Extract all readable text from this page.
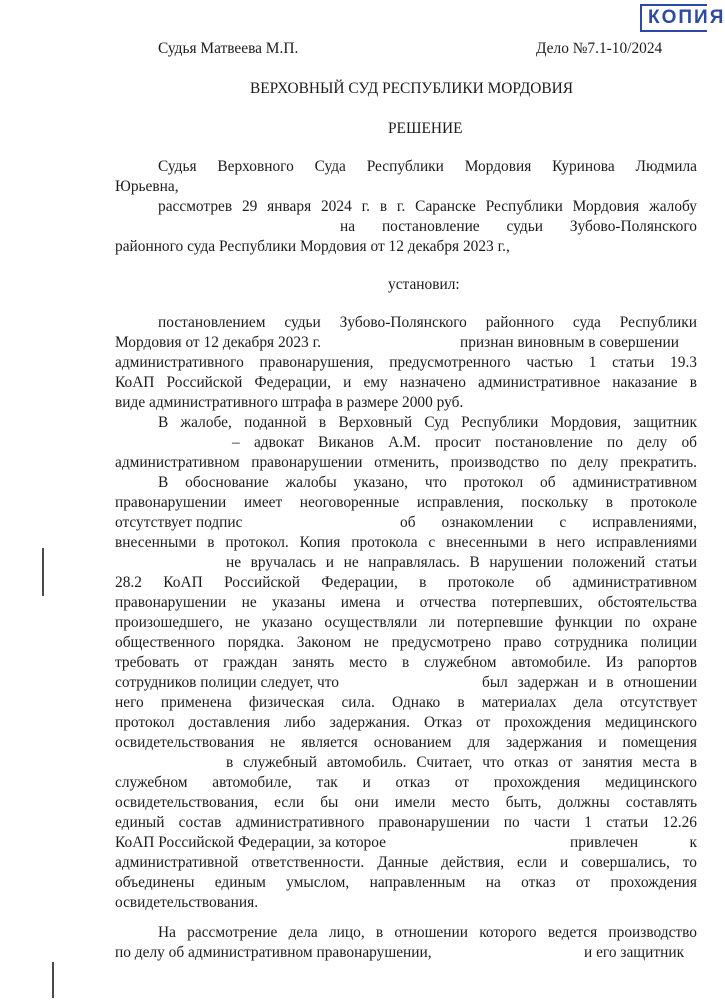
КОПИЯ
Судья Матвеева М.П.	Дело №7.1-10/2024
ВЕРХОВНЫЙ СУД РЕСПУБЛИКИ МОРДОВИЯ
РЕШЕНИЕ
Судья Верховного Суда Республики Мордовия Куринова Людмила
Юрьевна,
рассмотрев 29 января 2024 г. в г. Саранске Республики Мордовия жалобу
на постановление судьи Зубово-Полянского
районного суда Республики Мордовия от 12 декабря 2023 г.,
установил:
постановлением судьи Зубово-Полянского районного суда Республики
Мордовия от 12 декабря 2023 г.	признан виновным в совершении
административного правонарушения, предусмотренного частью 1 статьи 19.3
КоАП Российской Федерации, и ему назначено административное наказание в
виде административного штрафа в размере 2000 руб.
В жалобе, поданной в Верховный Суд Республики Мордовия, защитник
– адвокат Виканов А.М. просит постановление по делу об
административном правонарушении отменить, производство по делу прекратить.
В обоснование жалобы указано, что протокол об административном
правонарушении имеет неоговоренные исправления, поскольку в протоколе
отсутствует подпис	об ознакомлении с исправлениями,
внесенными в протокол. Копия протокола с внесенными в него исправлениями
не вручалась и не направлялась. В нарушении положений статьи
28.2 КоАП Российской Федерации, в протоколе об административном
правонарушении не указаны имена и отчества потерпевших, обстоятельства
произошедшего, не указано осуществляли ли потерпевшие функции по охране
общественного порядка. Законом не предусмотрено право сотрудника полиции
требовать от граждан занять место в служебном автомобиле. Из рапортов
сотрудников полиции следует, что	был задержан и в отношении
него применена физическая сила. Однако в материалах дела отсутствует
протокол доставления либо задержания. Отказ от прохождения медицинского
освидетельствования не является основанием для задержания и помещения
в служебный автомобиль. Считает, что отказ от занятия места в
служебном автомобиле, так и отказ от прохождения медицинского
освидетельствования, если бы они имели место быть, должны составлять
единый состав административного правонарушении по части 1 статьи 12.26
КоАП Российской Федерации, за которое	привлечен к
административной ответственности. Данные действия, если и совершались, то
объединены единым умыслом, направленным на отказ от прохождения
освидетельствования.
На рассмотрение дела лицо, в отношении которого ведется производство
по делу об административном правонарушении,	и его защитник
